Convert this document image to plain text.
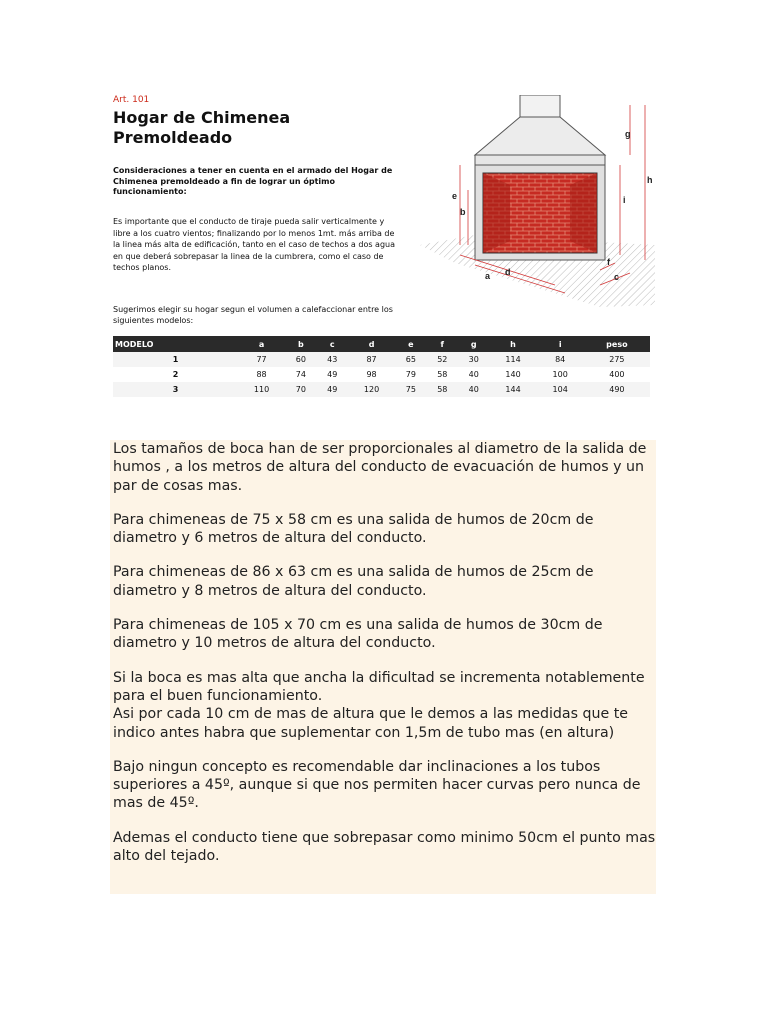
Art. 101
Hogar de Chimenea Premoldeado
Consideraciones a tener en cuenta en el armado del Hogar de Chimenea premoldeado a fin de lograr un óptimo funcionamiento:
Es importante que el conducto de tiraje pueda salir verticalmente y libre a los cuatro vientos; finalizando por lo menos 1mt. más arriba de la linea más alta de edificación, tanto en el caso de techos a dos agua en que deberá sobrepasar la linea de la cumbrera, como el caso de techos planos.
Sugerimos elegir su hogar segun el volumen a calefaccionar entre los siguientes modelos:
g
h
i
e
b
a d
f
c
MODELO	a	b	c	d	e	f	g	h	i	peso
1	77	60	43	87	65	52	30	114	84	275
2	88	74	49	98	79	58	40	140	100	400
3	110	70	49	120	75	58	40	144	104	490

Los tamaños de boca han de ser proporcionales al diametro de la salida de humos , a los metros de altura del conducto de evacuación de humos y un par de cosas mas.

Para chimeneas de 75 x 58 cm es una salida de humos de 20cm de diametro y 6 metros de altura del conducto.

Para chimeneas de 86 x 63 cm es una salida de humos de 25cm de diametro y 8 metros de altura del conducto.

Para chimeneas de 105 x 70 cm es una salida de humos de 30cm de diametro y 10 metros de altura del conducto.

Si la boca es mas alta que ancha la dificultad se incrementa notablemente para el buen funcionamiento.

Asi por cada 10 cm de mas de altura que le demos a las medidas que te indico antes habra que suplementar con 1,5m de tubo mas (en altura)

Bajo ningun concepto es recomendable dar inclinaciones a los tubos superiores a 45º, aunque si que nos permiten hacer curvas pero nunca de mas de 45º.

Ademas el conducto tiene que sobrepasar como minimo 50cm el punto mas alto del tejado.
